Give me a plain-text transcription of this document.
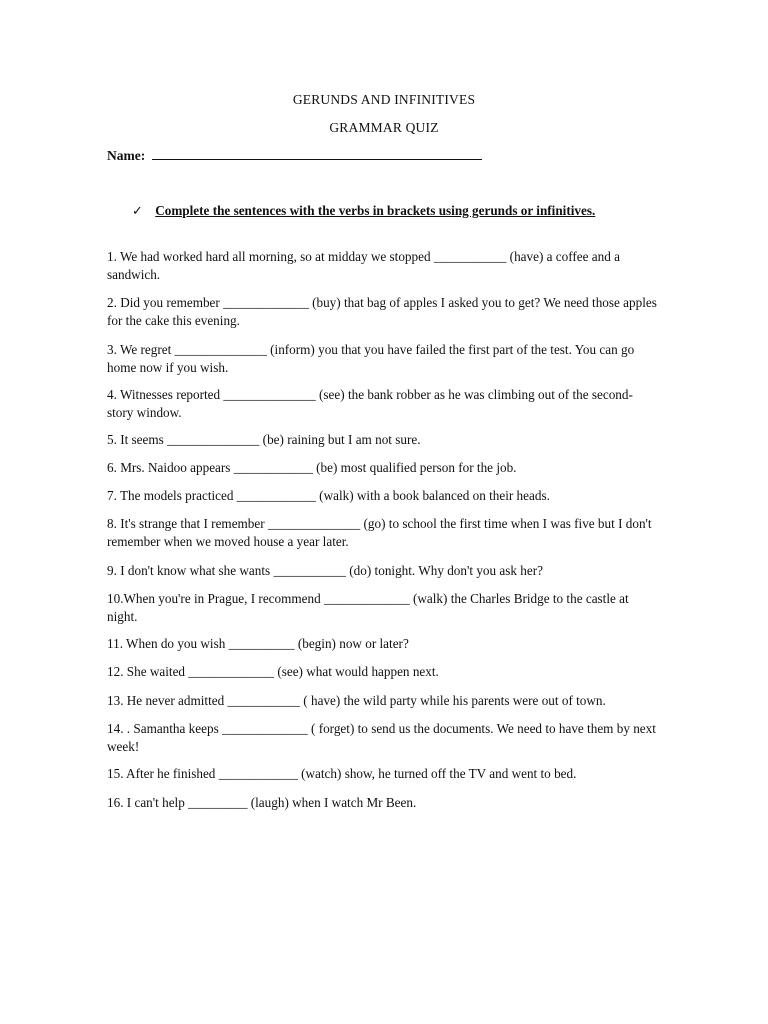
GERUNDS AND INFINITIVES
GRAMMAR QUIZ
Name:
✓ Complete the sentences with the verbs in brackets using gerunds or infinitives.
1. We had worked hard all morning, so at midday we stopped ___________ (have) a coffee and a sandwich.
2. Did you remember _____________ (buy) that bag of apples I asked you to get? We need those apples for the cake this evening.
3. We regret ______________ (inform) you that you have failed the first part of the test. You can go home now if you wish.
4. Witnesses reported ______________ (see) the bank robber as he was climbing out of the second-story window.
5. It seems ______________ (be) raining but I am not sure.
6. Mrs. Naidoo appears ____________ (be) most qualified person for the job.
7. The models practiced ____________ (walk) with a book balanced on their heads.
8. It's strange that I remember ______________ (go) to school the first time when I was five but I don't remember when we moved house a year later.
9. I don't know what she wants ___________ (do) tonight. Why don't you ask her?
10.When you're in Prague, I recommend _____________ (walk) the Charles Bridge to the castle at night.
11. When do you wish __________ (begin) now or later?
12. She waited _____________ (see) what would happen next.
13. He never admitted ___________ ( have) the wild party while his parents were out of town.
14. . Samantha keeps _____________ ( forget) to send us the documents. We need to have them by next week!
15. After he finished ____________ (watch) show, he turned off the TV and went to bed.
16. I can't help _________ (laugh) when I watch Mr Been.
